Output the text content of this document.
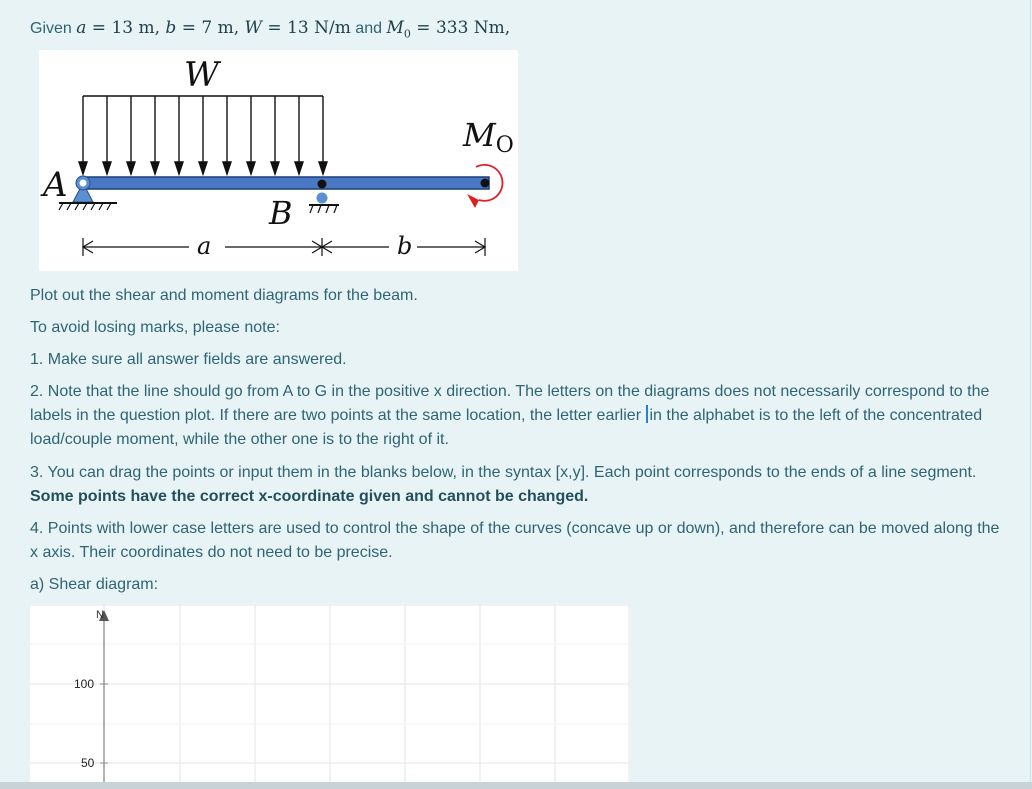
Given a = 13 m, b = 7 m, W = 13 N/m and $M_0 = 333$ Nm,
W
MO
A
B
a	b
Plot out the shear and moment diagrams for the beam.
To avoid losing marks, please note:
1. Make sure all answer fields are answered.
2. Note that the line should go from A to G in the positive x direction. The letters on the diagrams does not necessarily correspond to the labels in the question plot. If there are two points at the same location, the letter earlier in the alphabet is to the left of the concentrated load/couple moment, while the other one is to the right of it.
3. You can drag the points or input them in the blanks below, in the syntax [x,y]. Each point corresponds to the ends of a line segment. Some points have the correct x-coordinate given and cannot be changed.
4. Points with lower case letters are used to control the shape of the curves (concave up or down), and therefore can be moved along the x axis. Their coordinates do not need to be precise.
a) Shear diagram:
N
100
50
